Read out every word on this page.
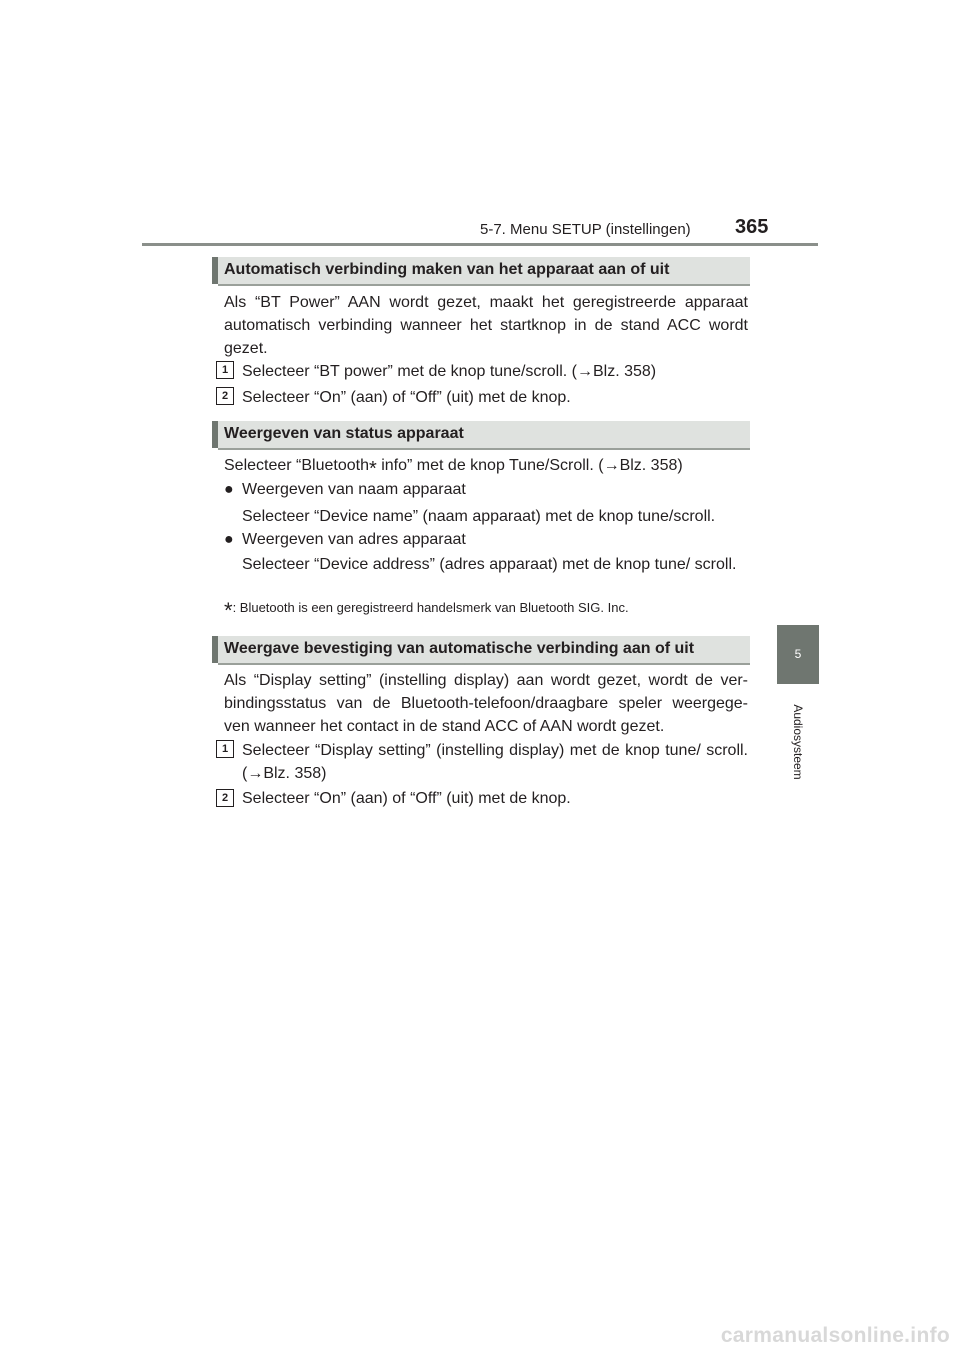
5-7. Menu SETUP (instellingen) 365
5
Audiosysteem
Automatisch verbinding maken van het apparaat aan of uit
Als “BT Power” AAN wordt gezet, maakt het geregistreerde apparaat automatisch verbinding wanneer het startknop in de stand ACC wordt gezet.
1 Selecteer “BT power” met de knop tune/scroll. (→Blz. 358)
2 Selecteer “On” (aan) of “Off” (uit) met de knop.
Weergeven van status apparaat
Selecteer “Bluetooth* info” met de knop Tune/Scroll. (→Blz. 358)
● Weergeven van naam apparaat
Selecteer “Device name” (naam apparaat) met de knop tune/scroll.
● Weergeven van adres apparaat
Selecteer “Device address” (adres apparaat) met de knop tune/ scroll.
*: Bluetooth is een geregistreerd handelsmerk van Bluetooth SIG. Inc.
Weergave bevestiging van automatische verbinding aan of uit
Als “Display setting” (instelling display) aan wordt gezet, wordt de ver- bindingsstatus van de Bluetooth-telefoon/draagbare speler weergege- ven wanneer het contact in de stand ACC of AAN wordt gezet.
1 Selecteer “Display setting” (instelling display) met de knop tune/ scroll. (→Blz. 358)
2 Selecteer “On” (aan) of “Off” (uit) met de knop.
carmanualsonline.info
